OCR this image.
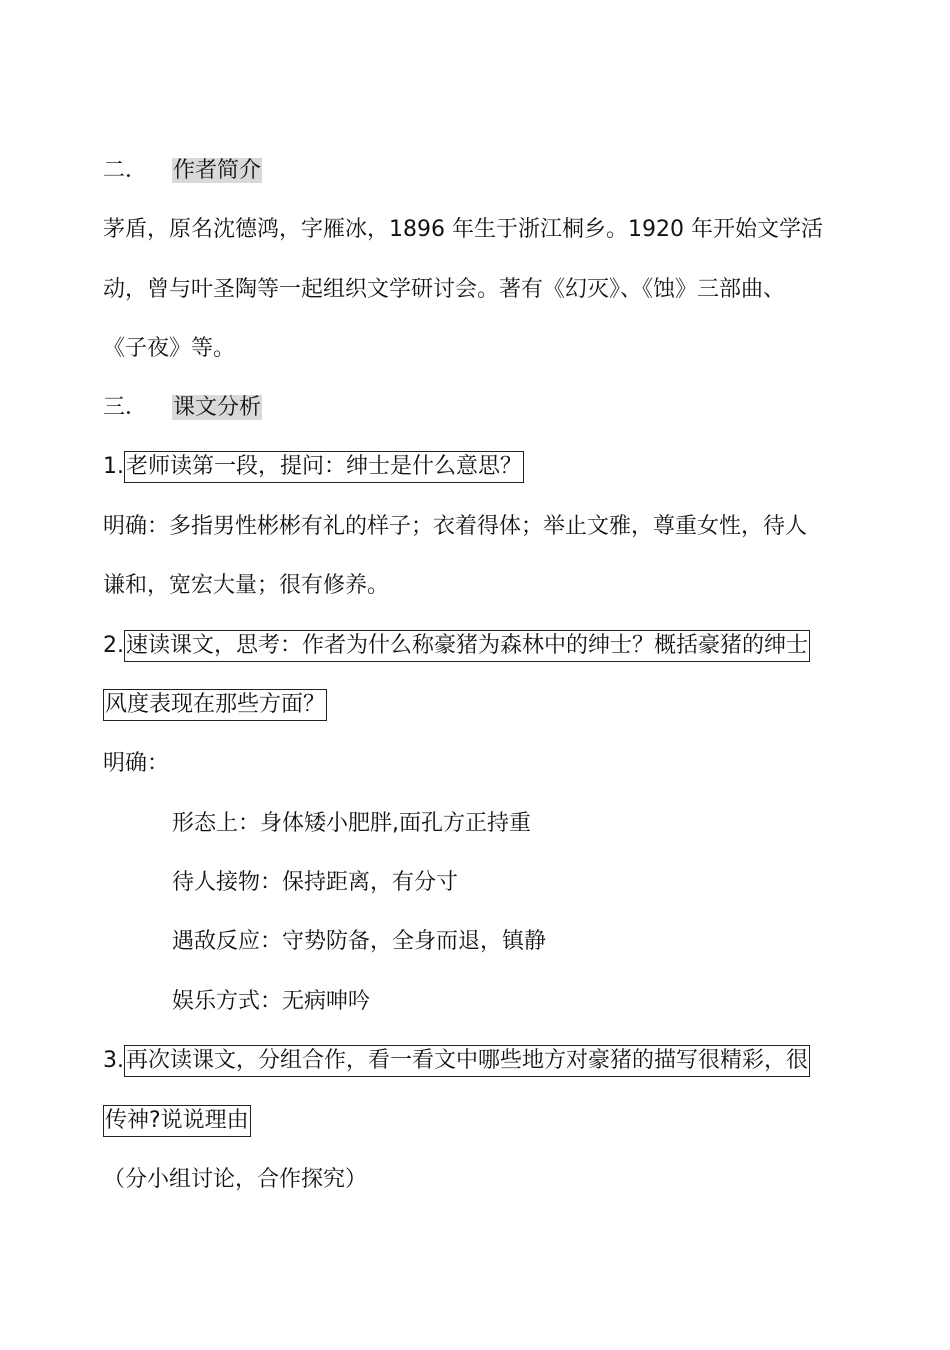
二． 作者简介
茅盾，原名沈德鸿，字雁冰，1896 年生于浙江桐乡。1920 年开始文学活
动，曾与叶圣陶等一起组织文学研讨会。著有《幻灭》、《蚀》三部曲、
《子夜》等。
三． 课文分析
1.老师读第一段，提问：绅士是什么意思？
明确：多指男性彬彬有礼的样子；衣着得体；举止文雅，尊重女性，待人
谦和，宽宏大量；很有修养。
2.速读课文，思考：作者为什么称豪猪为森林中的绅士？概括豪猪的绅士
风度表现在那些方面？
明确：
形态上：身体矮小肥胖,面孔方正持重
待人接物：保持距离，有分寸
遇敌反应：守势防备，全身而退，镇静
娱乐方式：无病呻吟
3.再次读课文，分组合作，看一看文中哪些地方对豪猪的描写很精彩，很
传神?说说理由
（分小组讨论，合作探究）
